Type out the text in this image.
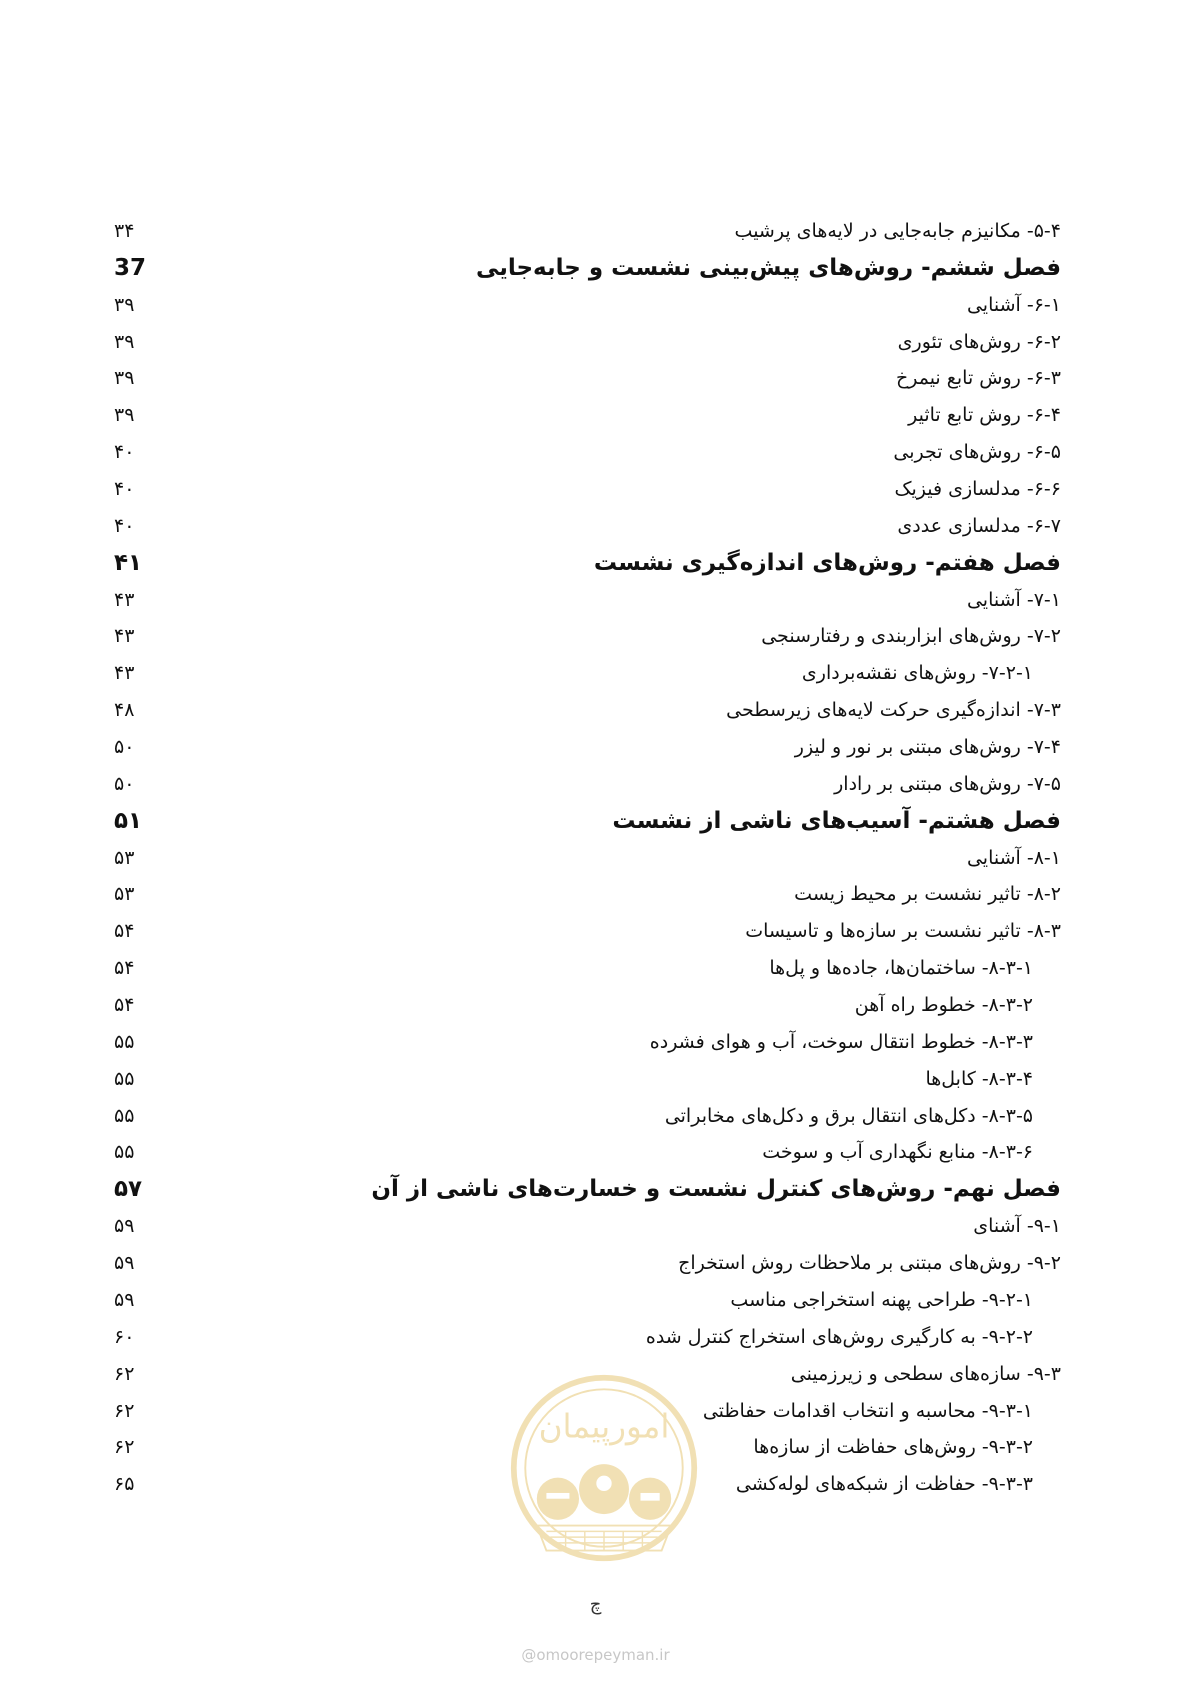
۵-۴- مکانیزم جابه‌جایی در لایه‌های پرشیب
۳۴
فصل ششم- روش‌های پیش‌بینی نشست و جابه‌جایی
37
۶-۱- آشنایی
۳۹
۶-۲- روش‌های تئوری
۳۹
۶-۳- روش تابع نیمرخ
۳۹
۶-۴- روش تابع تاثیر
۳۹
۶-۵- روش‌های تجربی
۴۰
۶-۶- مدلسازی فیزیک
۴۰
۶-۷- مدلسازی عددی
۴۰
فصل هفتم- روش‌های اندازه‌گیری نشست
۴۱
۷-۱- آشنایی
۴۳
۷-۲- روش‌های ابزاربندی و رفتارسنجی
۴۳
۷-۲-۱- روش‌های نقشه‌برداری
۴۳
۷-۳- اندازه‌گیری حرکت لایه‌های زیرسطحی
۴۸
۷-۴- روش‌های مبتنی بر نور و لیزر
۵۰
۷-۵- روش‌های مبتنی بر رادار
۵۰
فصل هشتم- آسیب‌های ناشی از نشست
۵۱
۸-۱- آشنایی
۵۳
۸-۲- تاثیر نشست بر محیط زیست
۵۳
۸-۳- تاثیر نشست بر سازه‌ها و تاسیسات
۵۴
۸-۳-۱- ساختمان‌ها، جاده‌ها و پل‌ها
۵۴
۸-۳-۲- خطوط راه آهن
۵۴
۸-۳-۳- خطوط انتقال سوخت، آب و هوای فشرده
۵۵
۸-۳-۴- کابل‌ها
۵۵
۸-۳-۵- دکل‌های انتقال برق و دکل‌های مخابراتی
۵۵
۸-۳-۶- منابع نگهداری آب و سوخت
۵۵
فصل نهم- روش‌های کنترل نشست و خسارت‌های ناشی از آن
۵۷
۹-۱- آشنای
۵۹
۹-۲- روش‌های مبتنی بر ملاحظات روش استخراج
۵۹
۹-۲-۱- طراحی پهنه استخراجی مناسب
۵۹
۹-۲-۲- به کارگیری روش‌های استخراج کنترل شده
۶۰
۹-۳- سازه‌های سطحی و زیرزمینی
۶۲
۹-۳-۱- محاسبه و انتخاب اقدامات حفاظتی
۶۲
۹-۳-۲- روش‌های حفاظت از سازه‌ها
۶۲
۹-۳-۳- حفاظت از شبکه‌های لوله‌کشی
۶۵
امورپیمان
چ
@omoorepeyman.ir
